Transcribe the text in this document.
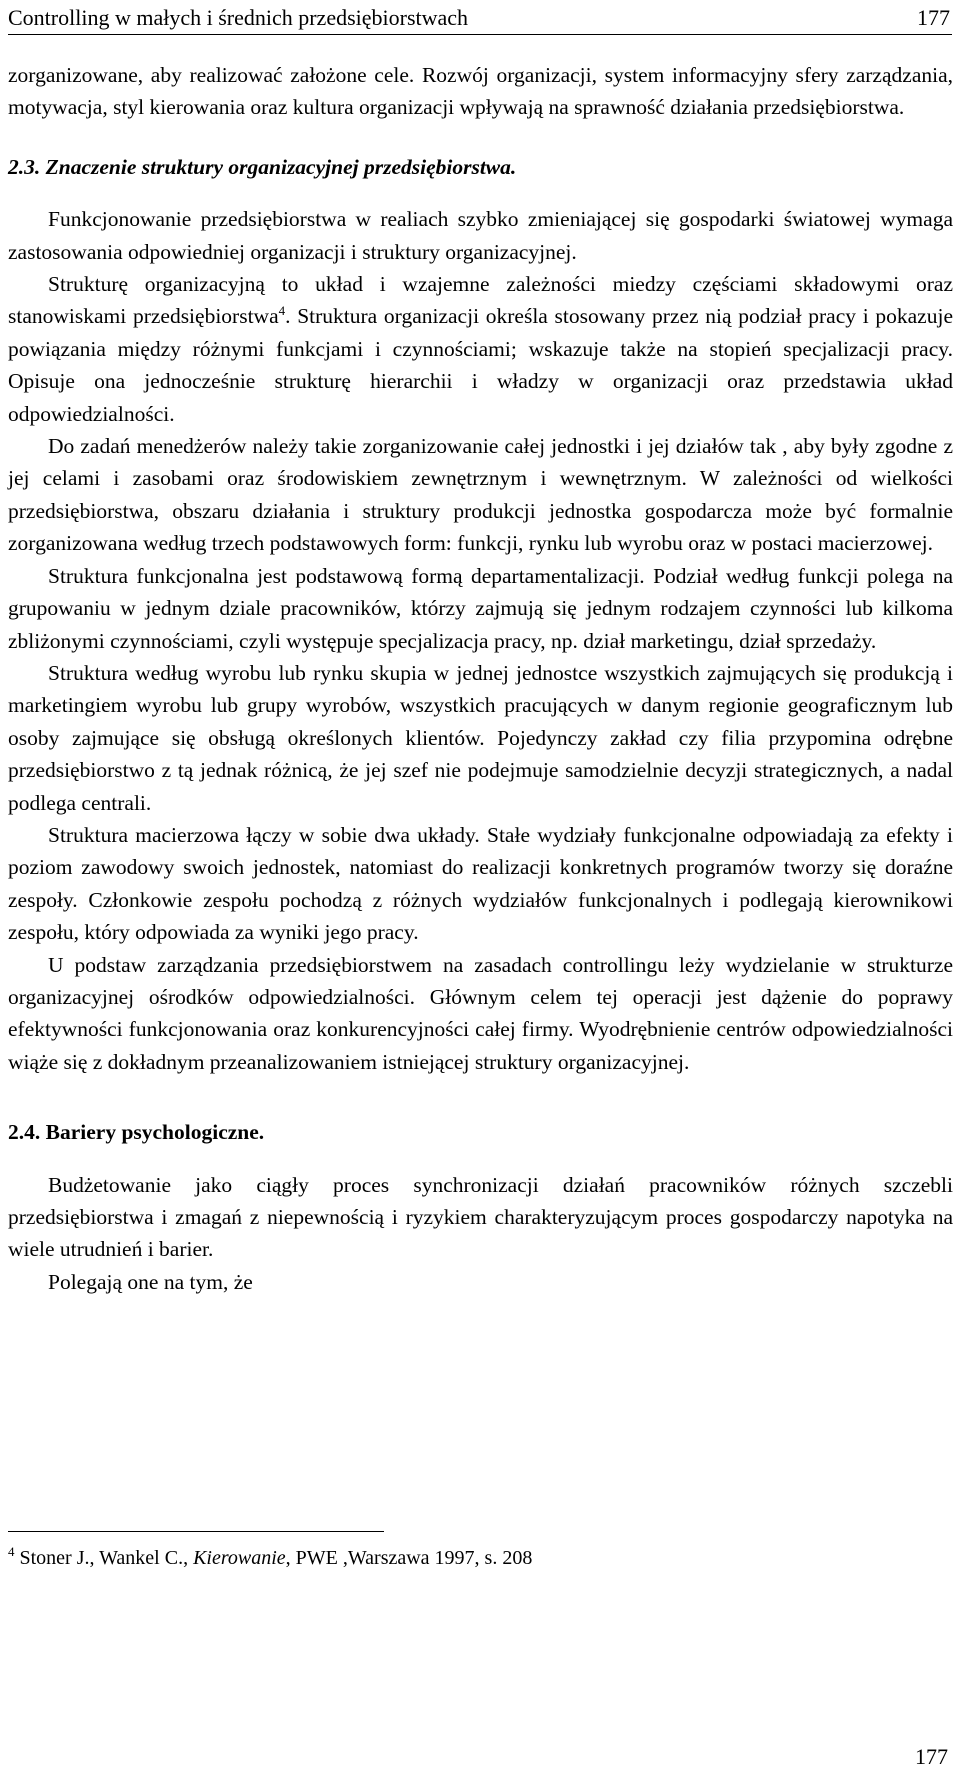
Controlling w małych i średnich przedsiębiorstwach	177

zorganizowane, aby realizować założone cele. Rozwój organizacji, system informacyjny sfery zarządzania, motywacja, styl kierowania oraz kultura organizacji wpływają na sprawność działania przedsiębiorstwa.

2.3. Znaczenie struktury organizacyjnej przedsiębiorstwa.

Funkcjonowanie przedsiębiorstwa w realiach szybko zmieniającej się gospodarki światowej wymaga zastosowania odpowiedniej organizacji i struktury organizacyjnej.

Strukturę organizacyjną to układ i wzajemne zależności miedzy częściami składowymi oraz stanowiskami przedsiębiorstwa$^4$. Struktura organizacji określa stosowany przez nią podział pracy i pokazuje powiązania między różnymi funkcjami i czynnościami; wskazuje także na stopień specjalizacji pracy. Opisuje ona jednocześnie strukturę hierarchii i władzy w organizacji oraz przedstawia układ odpowiedzialności.

Do zadań menedżerów należy takie zorganizowanie całej jednostki i jej działów tak , aby były zgodne z jej celami i zasobami oraz środowiskiem zewnętrznym i wewnętrznym. W zależności od wielkości przedsiębiorstwa, obszaru działania i struktury produkcji jednostka gospodarcza może być formalnie zorganizowana według trzech podstawowych form: funkcji, rynku lub wyrobu oraz w postaci macierzowej.

Struktura funkcjonalna jest podstawową formą departamentalizacji. Podział według funkcji polega na grupowaniu w jednym dziale pracowników, którzy zajmują się jednym rodzajem czynności lub kilkoma zbliżonymi czynnościami, czyli występuje specjalizacja pracy, np. dział marketingu, dział sprzedaży.

Struktura według wyrobu lub rynku skupia w jednej jednostce wszystkich zajmujących się produkcją i marketingiem wyrobu lub grupy wyrobów, wszystkich pracujących w danym regionie geograficznym lub osoby zajmujące się obsługą określonych klientów. Pojedynczy zakład czy filia przypomina odrębne przedsiębiorstwo z tą jednak różnicą, że jej szef nie podejmuje samodzielnie decyzji strategicznych, a nadal podlega centrali.

Struktura macierzowa łączy w sobie dwa układy. Stałe wydziały funkcjonalne odpowiadają za efekty i poziom zawodowy swoich jednostek, natomiast do realizacji konkretnych programów tworzy się doraźne zespoły. Członkowie zespołu pochodzą z różnych wydziałów funkcjonalnych i podlegają kierownikowi zespołu, który odpowiada za wyniki jego pracy.

U podstaw zarządzania przedsiębiorstwem na zasadach controllingu leży wydzielanie w strukturze organizacyjnej ośrodków odpowiedzialności. Głównym celem tej operacji jest dążenie do poprawy efektywności funkcjonowania oraz konkurencyjności całej firmy. Wyodrębnienie centrów odpowiedzialności wiąże się z dokładnym przeanalizowaniem istniejącej struktury organizacyjnej.

2.4. Bariery psychologiczne.

Budżetowanie jako ciągły proces synchronizacji działań pracowników różnych szczebli przedsiębiorstwa i zmagań z niepewnością i ryzykiem charakteryzującym proces gospodarczy napotyka na wiele utrudnień i barier.

Polegają one na tym, że

$^4$ Stoner J., Wankel C., Kierowanie, PWE ,Warszawa 1997, s. 208
177
